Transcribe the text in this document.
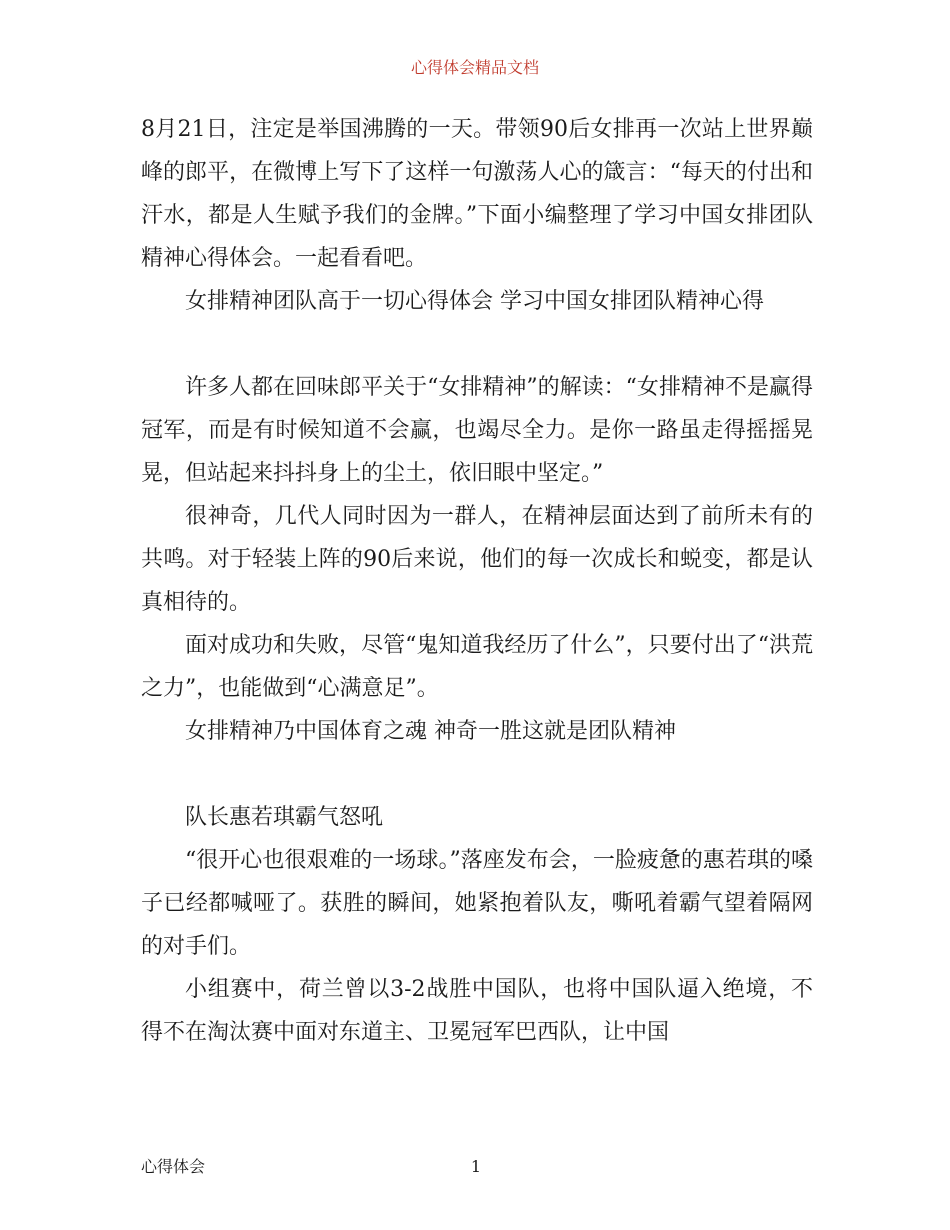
心得体会精品文档

8月21日，注定是举国沸腾的一天。带领90后女排再一次站上世界巅峰的郎平，在微博上写下了这样一句激荡人心的箴言：“每天的付出和汗水，都是人生赋予我们的金牌。”下面小编整理了学习中国女排团队精神心得体会。一起看看吧。

女排精神团队高于一切心得体会 学习中国女排团队精神心得

许多人都在回味郎平关于“女排精神”的解读：“女排精神不是赢得冠军，而是有时候知道不会赢，也竭尽全力。是你一路虽走得摇摇晃晃，但站起来抖抖身上的尘土，依旧眼中坚定。”

很神奇，几代人同时因为一群人，在精神层面达到了前所未有的共鸣。对于轻装上阵的90后来说，他们的每一次成长和蜕变，都是认真相待的。

面对成功和失败，尽管“鬼知道我经历了什么”，只要付出了“洪荒之力”，也能做到“心满意足”。

女排精神乃中国体育之魂 神奇一胜这就是团队精神

队长惠若琪霸气怒吼

“很开心也很艰难的一场球。”落座发布会，一脸疲惫的惠若琪的嗓子已经都喊哑了。获胜的瞬间，她紧抱着队友，嘶吼着霸气望着隔网的对手们。

小组赛中，荷兰曾以3-2战胜中国队，也将中国队逼入绝境，不得不在淘汰赛中面对东道主、卫冕冠军巴西队，让中国

心得体会	1
